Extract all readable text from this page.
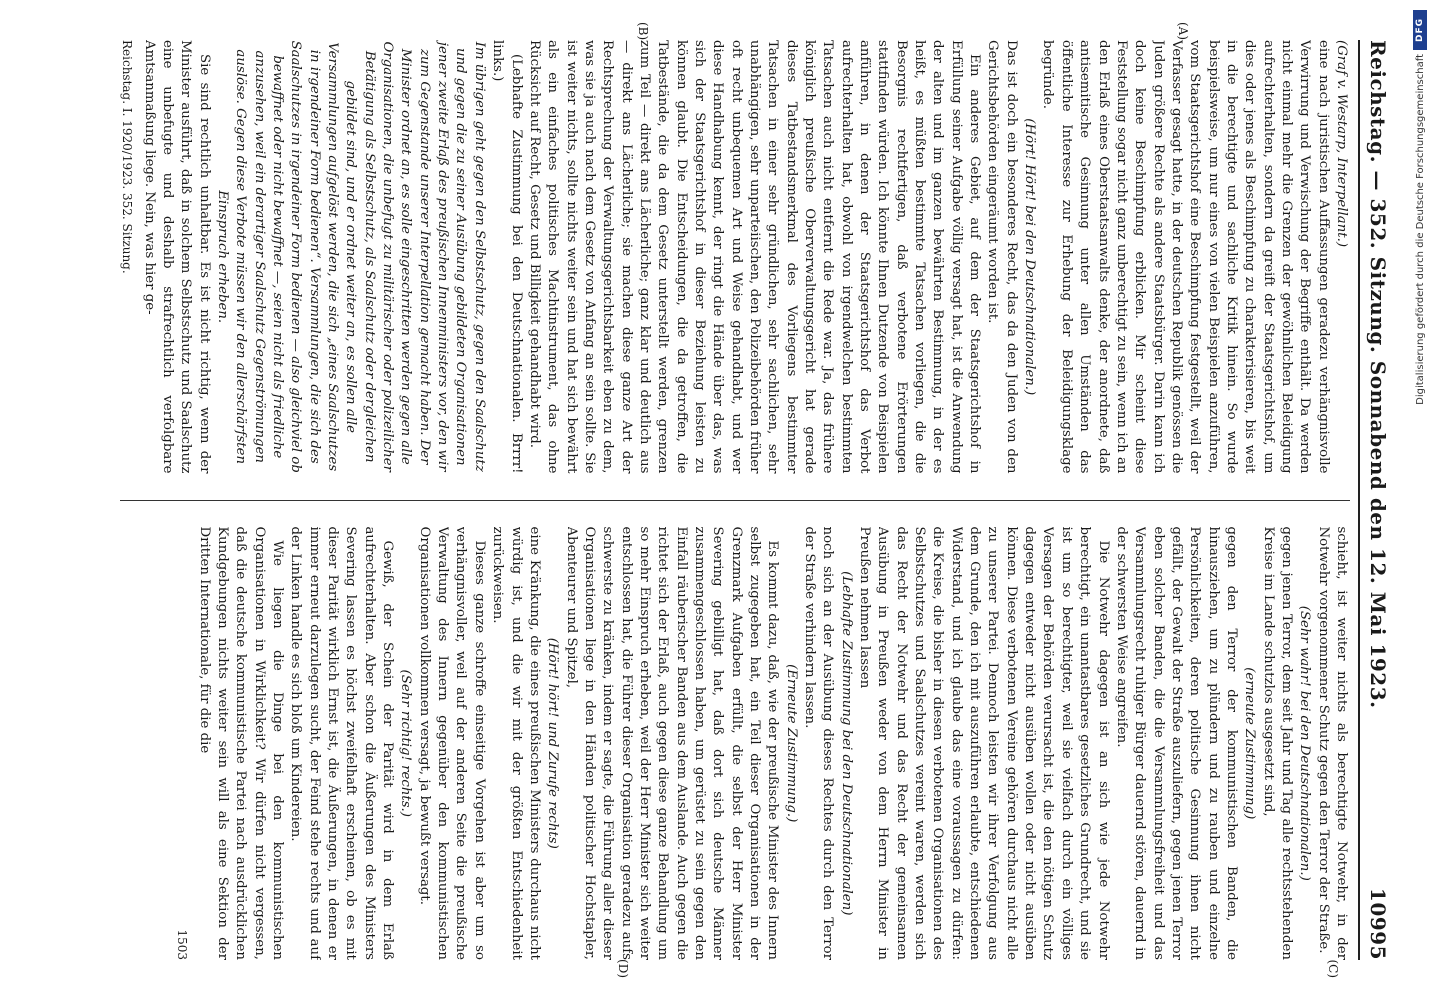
DFG
Digitalisierung gefördert durch die Deutsche Forschungsgemeinschaft
Reichstag. — 352. Sitzung. Sonnabend den 12. Mai 1923.
10995
(A)
(B)
(C)
(D)

(Graf v. Westarp, Interpellant.)

eine nach juristischen Auffassungen geradezu verhängnisvolle Verwirrung und Verwischung der Begriffe enthält. Da werden nicht einmal mehr die Grenzen der gewöhnlichen Beleidigung aufrechterhalten, sondern da greift der Staatsgerichtshof, um dies oder jenes als Beschimpfung zu charakterisieren, bis weit in die berechtigte und sachliche Kritik hinein. So wurde beispielsweise, um nur eines von vielen Beispielen anzuführen, vom Staatsgerichtshof eine Beschimpfung festgestellt, weil der Verfasser gesagt hatte, in der deutschen Republik genössen die Juden größere Rechte als andere Staatsbürger. Darin kann ich doch keine Beschimpfung erblicken. Mir scheint diese Feststellung sogar nicht ganz unberechtigt zu sein, wenn ich an den Erlaß eines Oberstaatsanwalts denke, der anordnete, daß antisemitische Gesinnung unter allen Umständen das öffentliche Interesse zur Erhebung der Beleidigungsklage begründe.

(Hört! Hört! bei den Deutschnationalen.)

Das ist doch ein besonderes Recht, das da den Juden von den Gerichtsbehörden eingeräumt worden ist.

Ein anderes Gebiet, auf dem der Staatsgerichtshof in Erfüllung seiner Aufgabe völlig versagt hat, ist die Anwendung der alten und im ganzen bewährten Bestimmung, in der es heißt, es müßten bestimmte Tatsachen vorliegen, die die Besorgnis rechtfertigen, daß verbotene Erörterungen stattfinden würden. Ich könnte Ihnen Dutzende von Beispielen anführen, in denen der Staatsgerichtshof das Verbot aufrechterhalten hat, obwohl von irgendwelchen bestimmten Tatsachen auch nicht entfernt die Rede war. Ja, das frühere königlich preußische Oberverwaltungsgericht hat gerade dieses Tatbestandsmerkmal des Vorliegens bestimmter Tatsachen in einer sehr gründlichen, sehr sachlichen, sehr unabhängigen, sehr unparteiischen, den Polizeibehörden früher oft recht unbequemen Art und Weise gehandhabt, und wer diese Handhabung kennt, der ringt die Hände über das, was sich der Staatsgerichtshof in dieser Beziehung leisten zu können glaubt. Die Entscheidungen, die da getroffen, die Tatbestände, die da dem Gesetz unterstellt werden, grenzen zum Teil — direkt ans Lächerliche; ganz klar und deutlich aus — direkt ans Lächerliche; sie machen diese ganze Art der Rechtsprechung der Verwaltungsgerichtsbarkeit eben zu dem, was sie ja auch nach dem Gesetz von Anfang an sein sollte. Sie ist weiter nichts, sollte nichts weiter sein und hat sich bewährt als ein einfaches politisches Machtinstrument, das ohne Rücksicht auf Recht, Gesetz und Billigkeit gehandhabt wird.

(Lebhafte Zustimmung bei den Deutschnationalen. Brrrr! links.)

Im übrigen geht gegen den Selbstschutz, gegen den Saalschutz und gegen die zu seiner Ausübung gebildeten Organisationen jener zweite Erlaß des preußischen Innenministers vor, den wir zum Gegenstande unserer Interpellation gemacht haben. Der Minister ordnet an, es solle eingeschritten werden gegen alle Organisationen, die unbefugt zu militärischer oder polizeilicher Betätigung als Selbstschutz, als Saalschutz oder dergleichen gebildet sind, und er ordnet weiter an, es sollen alle Versammlungen aufgelöst werden, die sich „eines Saalschutzes in irgendeiner Form bedienen“. Versammlungen, die sich des Saalschutzes in irgendeiner Form bedienen — also gleichviel ob bewaffnet oder nicht bewaffnet —, seien nicht als friedliche anzusehen, weil ein derartiger Saalschutz Gegenströmungen auslöse. Gegen diese Verbote müssen wir den allerschärfsten Einspruch erheben.

Sie sind rechtlich unhaltbar. Es ist nicht richtig, wenn der Minister ausführt, daß in solchem Selbstschutz und Saalschutz eine unbefugte und deshalb strafrechtlich verfolgbare Amtsanmaßung liege. Nein, was hier ge-

Reichstag. I. 1920/1923. 352. Sitzung.

schieht, ist weiter nichts als berechtigte Notwehr, in der Notwehr vorgenommener Schutz gegen den Terror der Straße.

(Sehr wahr! bei den Deutschnationalen.)

gegen jenen Terror, dem seit Jahr und Tag alle rechtsstehenden Kreise im Lande schutzlos ausgesetzt sind,

(erneute Zustimmung)

gegen den Terror der kommunistischen Banden, die hinausziehen, um zu plündern und zu rauben und einzelne Persönlichkeiten, deren politische Gesinnung ihnen nicht gefällt, der Gewalt der Straße auszuliefern, gegen jenen Terror eben solcher Banden, die die Versammlungsfreiheit und das Versammlungsrecht ruhiger Bürger dauernd stören, dauernd in der schwersten Weise angreifen.

Die Notwehr dagegen ist an sich wie jede Notwehr berechtigt, ein unantastbares gesetzliches Grundrecht, und sie ist um so berechtigter, weil sie vielfach durch ein völliges Versagen der Behörden verursacht ist, die den nötigen Schutz dagegen entweder nicht ausüben wollen oder nicht ausüben können. Diese verbotenen Vereine gehören durchaus nicht alle zu unserer Partei. Dennoch leisten wir ihrer Verfolgung aus dem Grunde, den ich mit auszuführen erlaubte, entschiedenen Widerstand, und ich glaube das eine voraussagen zu dürfen: die Kreise, die bisher in diesen verbotenen Organisationen des Selbstschutzes und Saalschutzes vereint waren, werden sich das Recht der Notwehr und das Recht der gemeinsamen Ausübung in Preußen weder von dem Herrn Minister in Preußen nehmen lassen

(Lebhafte Zustimmung bei den Deutschnationalen)

noch sich an der Ausübung dieses Rechtes durch den Terror der Straße verhindern lassen.

(Erneute Zustimmung.)

Es kommt dazu, daß, wie der preußische Minister des Innern selbst zugegeben hat, ein Teil dieser Organisationen in der Grenzmark Aufgaben erfüllt, die selbst der Herr Minister Severing gebilligt hat, daß dort sich deutsche Männer zusammengeschlossen haben, um gerüstet zu sein gegen den Einfall räuberischer Banden aus dem Auslande. Auch gegen die richtet sich der Erlaß, auch gegen diese ganze Behandlung um so mehr Einspruch erheben, weil der Herr Minister sich weiter entschlossen hat, die Führer dieser Organisation geradezu aufs schwerste zu kränken, indem er sagte, die Führung aller dieser Organisationen liege in den Händen politischer Hochstapler, Abenteurer und Spitzel,

(Hört! hört! und Zurufe rechts)

eine Kränkung, die eines preußischen Ministers durchaus nicht würdig ist, und die wir mit der größten Entschiedenheit zurückweisen.

Dieses ganze schroffe einseitige Vorgehen ist aber um so verhängnisvoller, weil auf der anderen Seite die preußische Verwaltung des Innern gegenüber den kommunistischen Organisationen vollkommen versagt, ja bewußt versagt.

(Sehr richtig! rechts.)

Gewiß, der Schein der Parität wird in dem Erlaß aufrechterhalten. Aber schon die Äußerungen des Ministers Severing lassen es höchst zweifelhaft erscheinen, ob es mit dieser Parität wirklich Ernst ist, die Äußerungen, in denen er immer erneut darzulegen sucht, der Feind stehe rechts und auf der Linken handle es sich bloß um Kindereien.

Wie liegen die Dinge bei den kommunistischen Organisationen in Wirklichkeit? Wir dürfen nicht vergessen, daß die deutsche kommunistische Partei nach ausdrücklichen Kundgebungen nichts weiter sein will als eine Sektion der Dritten Internationale, für die die

1503
